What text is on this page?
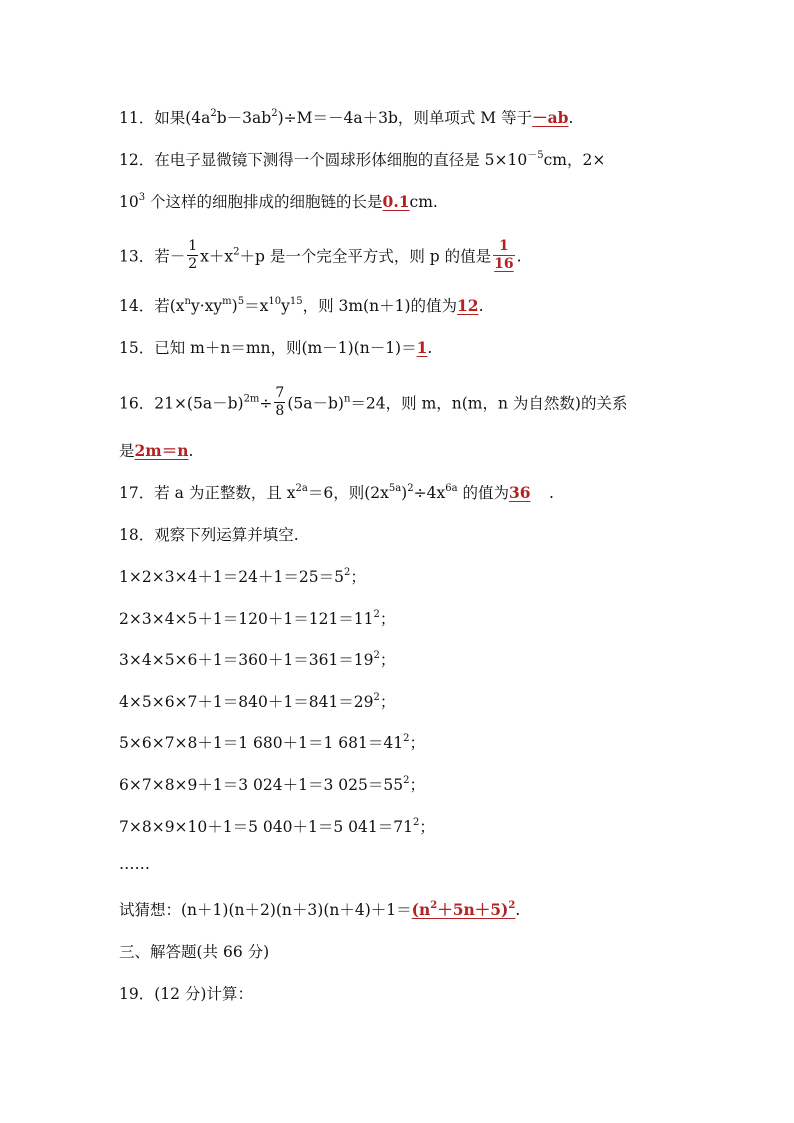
11．如果$(4a^2b-3ab^2)\div M=-4a+3b$，则单项式 M 等于－ab.
12．在电子显微镜下测得一个圆球形体细胞的直径是 $5\times 10^{-5}cm$，2×
$10^3$ 个这样的细胞排成的细胞链的长是0.1cm.
13．若－ $\frac{1}{2} x+x^2+p$ 是一个完全平方式，则 p 的值是 $\frac{1}{16}$ .
14．若$(x^ny\cdot xy^m)^5=x^{10}y^{15}$，则 3m(n＋1)的值为12.
15．已知 m＋n＝mn，则(m－1)(n－1)＝1.
16．$21\times(5a-b)^{2m}\div \frac{7}{8} (5a-b)^n=24$，则 m，n(m，n 为自然数)的关系
是2m＝n.
17．若 a 为正整数，且 $x^{2a}=6$，则$(2x^{5a})^2\div 4x^{6a}$ 的值为36 .
18．观察下列运算并填空.
$1\times 2\times 3\times 4+1=24+1=25=5^2$；
$2\times 3\times 4\times 5+1=120+1=121=11^2$；
$3\times 4\times 5\times 6+1=360+1=361=19^2$；
$4\times 5\times 6\times 7+1=840+1=841=29^2$；
5×6×7×8＋1＝1 680＋1＝1 $681=41^2$；
6×7×8×9＋1＝3 024＋1＝3 $025=55^2$；
7×8×9×10＋1＝5 040＋1＝5 $041=71^2$；
……
试猜想：$(n+1)(n+2)(n+3)(n+4)+1=(n^2+5n+5)^2$.
三、解答题(共 66 分)
19．(12 分)计算：
